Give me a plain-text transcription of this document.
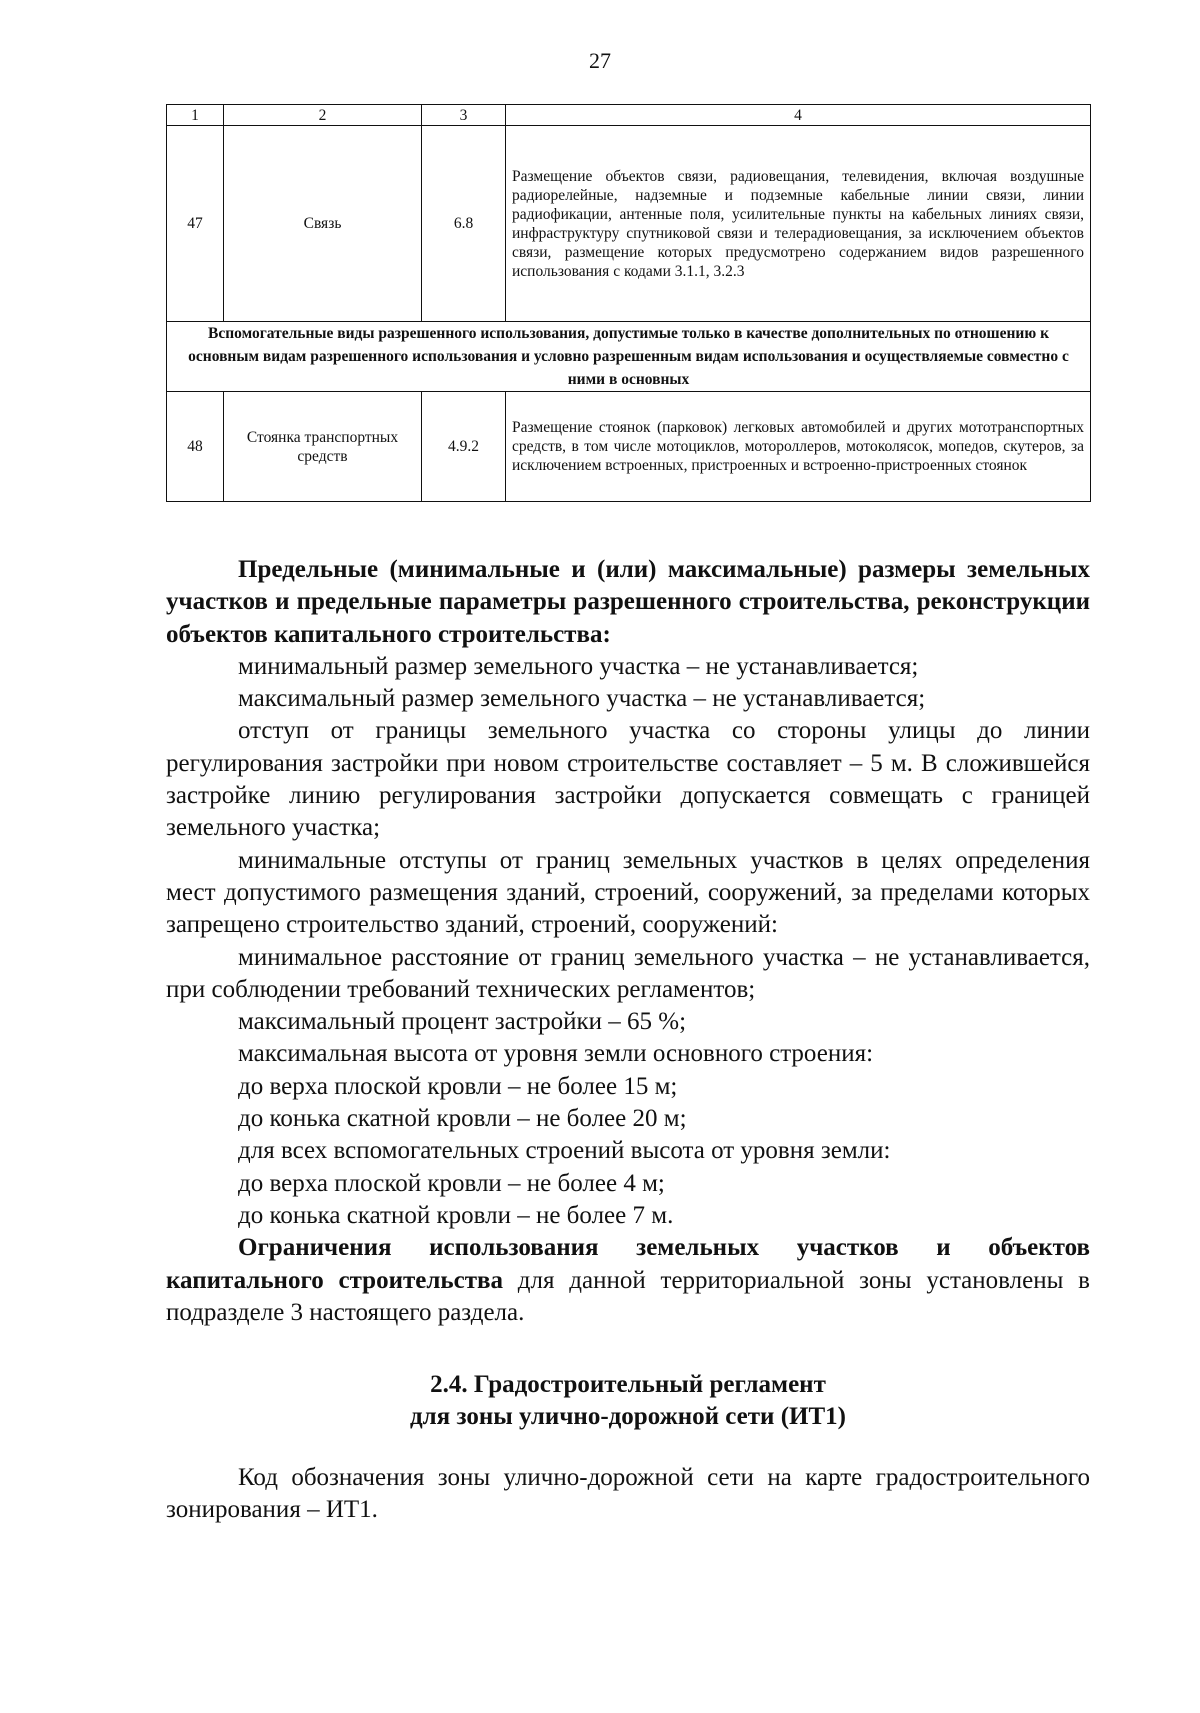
27
1	2	3	4
47	Связь	6.8	Размещение объектов связи, радиовещания, телевидения, включая воздушные радиорелейные, надземные и подземные кабельные линии связи, линии радиофикации, антенные поля, усилительные пункты на кабельных линиях связи, инфраструктуру спутниковой связи и телерадиовещания, за исключением объектов связи, размещение которых предусмотрено содержанием видов разрешенного использования с кодами 3.1.1, 3.2.3
Вспомогательные виды разрешенного использования, допустимые только в качестве дополнительных по отношению к основным видам разрешенного использования и условно разрешенным видам использования и осуществляемые совместно с ними в основных			
48	Стоянка транспортных средств	4.9.2	Размещение стоянок (парковок) легковых автомобилей и других мототранспортных средств, в том числе мотоциклов, мотороллеров, мотоколясок, мопедов, скутеров, за исключением встроенных, пристроенных и встроенно-пристроенных стоянок

Предельные (минимальные и (или) максимальные) размеры земельных участков и предельные параметры разрешенного строительства, реконструкции объектов капитального строительства:

минимальный размер земельного участка – не устанавливается;

максимальный размер земельного участка – не устанавливается;

отступ от границы земельного участка со стороны улицы до линии регулирования застройки при новом строительстве составляет – 5 м. В сложившейся застройке линию регулирования застройки допускается совмещать с границей земельного участка;

минимальные отступы от границ земельных участков в целях определения мест допустимого размещения зданий, строений, сооружений, за пределами которых запрещено строительство зданий, строений, сооружений:

минимальное расстояние от границ земельного участка – не устанавливается, при соблюдении требований технических регламентов;

максимальный процент застройки – 65 %;

максимальная высота от уровня земли основного строения:

до верха плоской кровли – не более 15 м;

до конька скатной кровли – не более 20 м;

для всех вспомогательных строений высота от уровня земли:

до верха плоской кровли – не более 4 м;

до конька скатной кровли – не более 7 м.

Ограничения использования земельных участков и объектов капитального строительства для данной территориальной зоны установлены в подразделе 3 настоящего раздела.

2.4. Градостроительный регламент
для зоны улично-дорожной сети (ИТ1)

Код обозначения зоны улично-дорожной сети на карте градостроительного зонирования – ИТ1.
